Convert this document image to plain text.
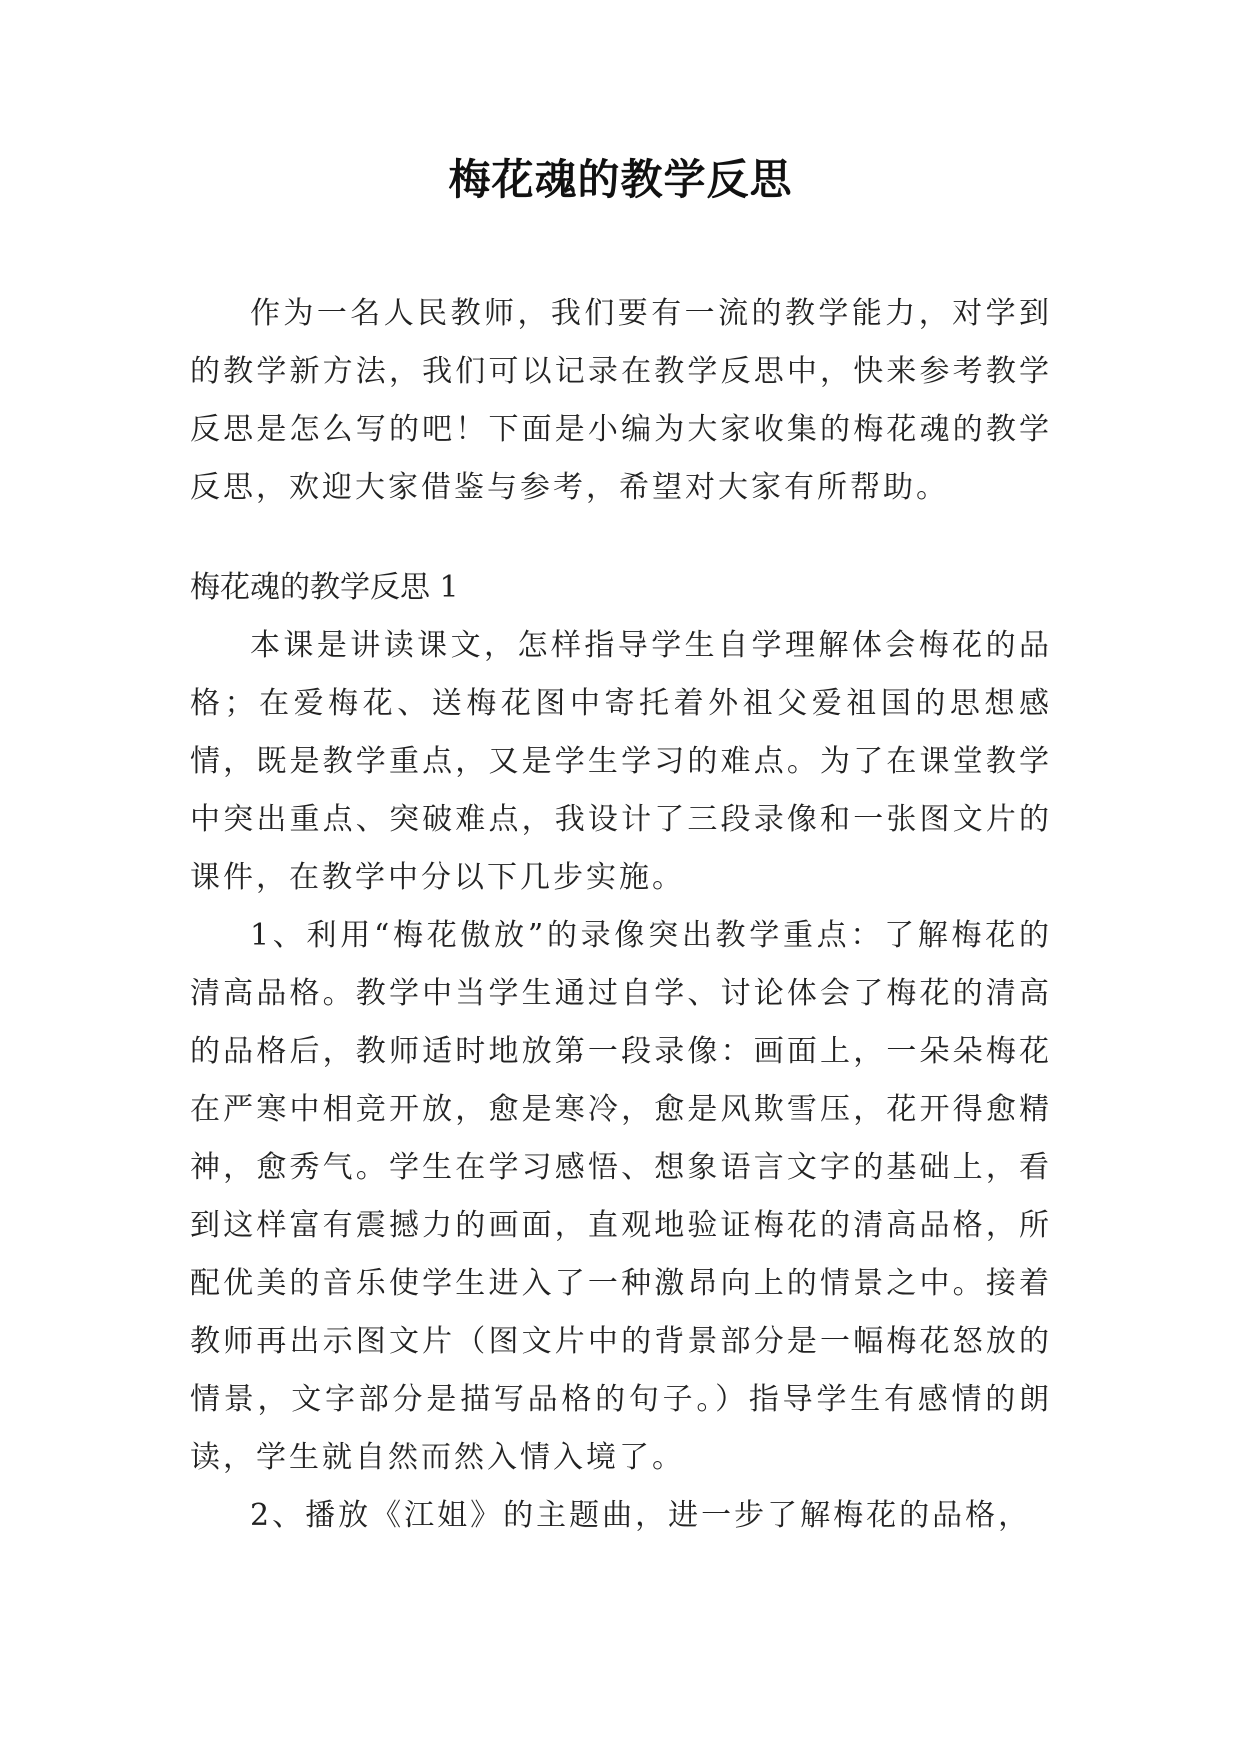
梅花魂的教学反思

作为一名人民教师，我们要有一流的教学能力，对学到的教学新方法，我们可以记录在教学反思中，快来参考教学反思是怎么写的吧！下面是小编为大家收集的梅花魂的教学反思，欢迎大家借鉴与参考，希望对大家有所帮助。

梅花魂的教学反思 1

本课是讲读课文，怎样指导学生自学理解体会梅花的品格；在爱梅花、送梅花图中寄托着外祖父爱祖国的思想感情，既是教学重点，又是学生学习的难点。为了在课堂教学中突出重点、突破难点，我设计了三段录像和一张图文片的课件，在教学中分以下几步实施。

1、利用“梅花傲放”的录像突出教学重点：了解梅花的清高品格。教学中当学生通过自学、讨论体会了梅花的清高的品格后，教师适时地放第一段录像：画面上，一朵朵梅花在严寒中相竞开放，愈是寒冷，愈是风欺雪压，花开得愈精神，愈秀气。学生在学习感悟、想象语言文字的基础上，看到这样富有震撼力的画面，直观地验证梅花的清高品格，所配优美的音乐使学生进入了一种激昂向上的情景之中。接着教师再出示图文片（图文片中的背景部分是一幅梅花怒放的情景，文字部分是描写品格的句子。）指导学生有感情的朗读，学生就自然而然入情入境了。

2、播放《江姐》的主题曲，进一步了解梅花的品格，
